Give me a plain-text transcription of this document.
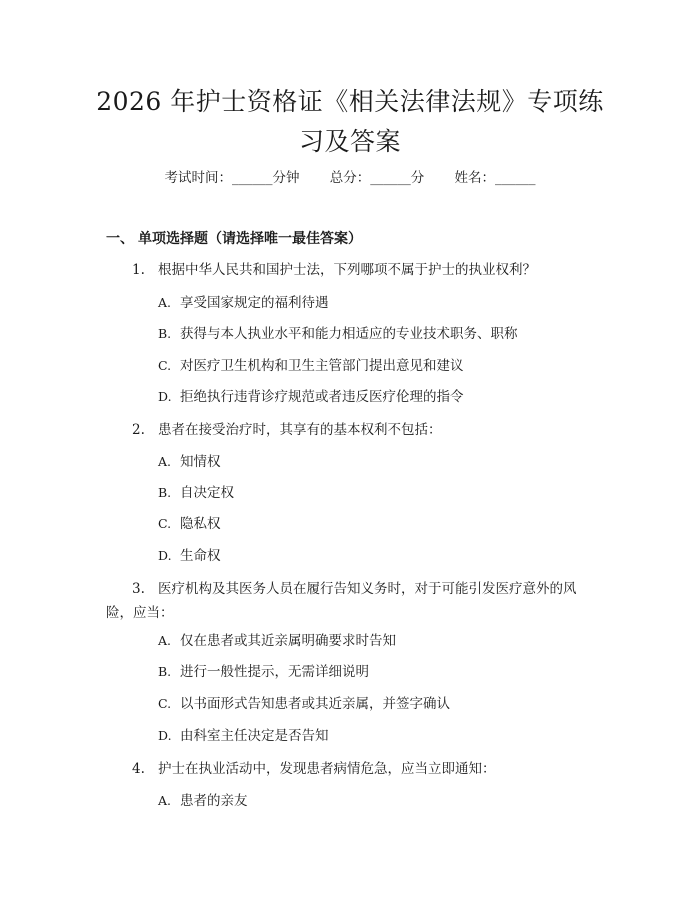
2026 年护士资格证《相关法律法规》专项练
习及答案
考试时间：______分钟 总分：______分 姓名：______
一、 单项选择题（请选择唯一最佳答案）
1. 根据中华人民共和国护士法，下列哪项不属于护士的执业权利？
A. 享受国家规定的福利待遇
B. 获得与本人执业水平和能力相适应的专业技术职务、职称
C. 对医疗卫生机构和卫生主管部门提出意见和建议
D. 拒绝执行违背诊疗规范或者违反医疗伦理的指令
2. 患者在接受治疗时，其享有的基本权利不包括：
A. 知情权
B. 自决定权
C. 隐私权
D. 生命权
3. 医疗机构及其医务人员在履行告知义务时，对于可能引发医疗意外的风险，应当：
A. 仅在患者或其近亲属明确要求时告知
B. 进行一般性提示，无需详细说明
C. 以书面形式告知患者或其近亲属，并签字确认
D. 由科室主任决定是否告知
4. 护士在执业活动中，发现患者病情危急，应当立即通知：
A. 患者的亲友
